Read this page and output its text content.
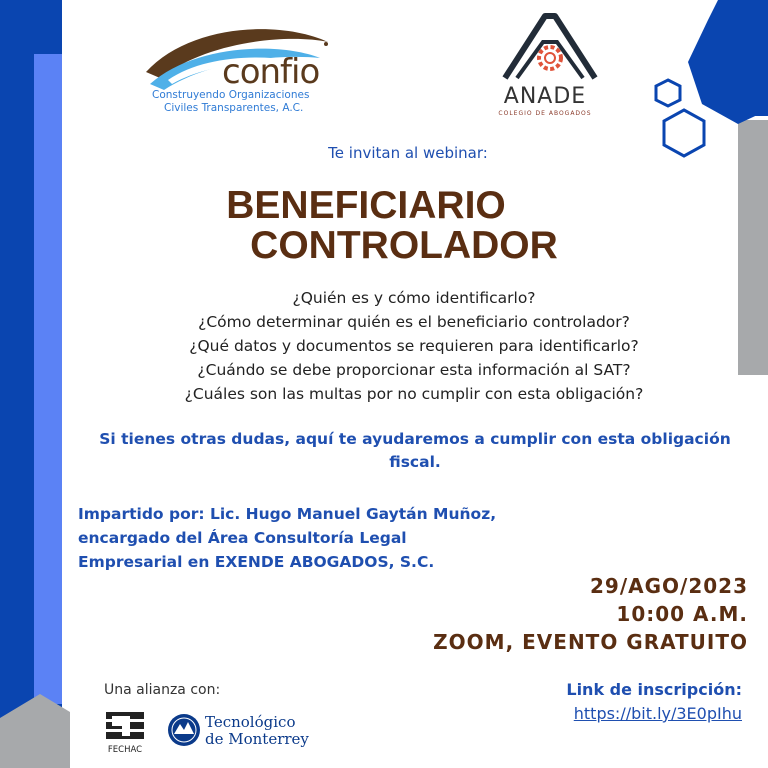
confio
Construyendo Organizaciones
Civiles Transparentes, A.C.	ANADE
COLEGIO DE ABOGADOS
Te invitan al webinar:
BENEFICIARIO
CONTROLADOR
¿Quién es y cómo identificarlo?
¿Cómo determinar quién es el beneficiario controlador?
¿Qué datos y documentos se requieren para identificarlo?
¿Cuándo se debe proporcionar esta información al SAT?
¿Cuáles son las multas por no cumplir con esta obligación?
Si tienes otras dudas, aquí te ayudaremos a cumplir con esta obligación
fiscal.
Impartido por: Lic. Hugo Manuel Gaytán Muñoz,
encargado del Área Consultoría Legal
Empresarial en EXENDE ABOGADOS, S.C.
29/AGO/2023
10:00 A.M.
ZOOM, EVENTO GRATUITO
Una alianza con:
FECHAC
Tecnológico
de Monterrey
Link de inscripción:
https://bit.ly/3E0pIhu
